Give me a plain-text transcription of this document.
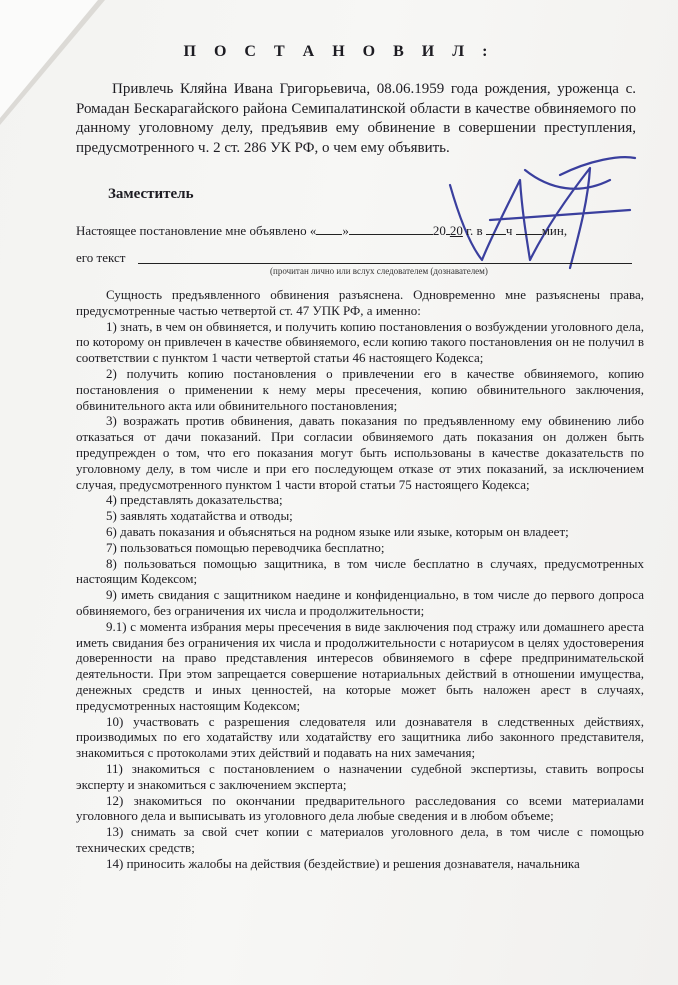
П О С Т А Н О В И Л :

Привлечь Кляйна Ивана Григорьевича, 08.06.1959 года рождения, уроженца с. Ромадан Бескарагайского района Семипалатинской области в качестве обвиняемого по данному уголовному делу, предъявив ему обвинение в совершении преступления, предусмотренного ч. 2 ст. 286 УК РФ, о чем ему объявить.

Заместитель
Настоящее постановление мне объявлено « »	20 20 г. в ч мин,
его текст
(прочитан лично или вслух следователем (дознавателем)

Сущность предъявленного обвинения разъяснена. Одновременно мне разъяснены права, предусмотренные частью четвертой ст. 47 УПК РФ, а именно:

1) знать, в чем он обвиняется, и получить копию постановления о возбуждении уголовного дела, по которому он привлечен в качестве обвиняемого, если копию такого постановления он не получил в соответствии с пунктом 1 части четвертой статьи 46 настоящего Кодекса;

2) получить копию постановления о привлечении его в качестве обвиняемого, копию постановления о применении к нему меры пресечения, копию обвинительного заключения, обвинительного акта или обвинительного постановления;

3) возражать против обвинения, давать показания по предъявленному ему обвинению либо отказаться от дачи показаний. При согласии обвиняемого дать показания он должен быть предупрежден о том, что его показания могут быть использованы в качестве доказательств по уголовному делу, в том числе и при его последующем отказе от этих показаний, за исключением случая, предусмотренного пунктом 1 части второй статьи 75 настоящего Кодекса;

4) представлять доказательства;

5) заявлять ходатайства и отводы;

6) давать показания и объясняться на родном языке или языке, которым он владеет;

7) пользоваться помощью переводчика бесплатно;

8) пользоваться помощью защитника, в том числе бесплатно в случаях, предусмотренных настоящим Кодексом;

9) иметь свидания с защитником наедине и конфиденциально, в том числе до первого допроса обвиняемого, без ограничения их числа и продолжительности;

9.1) с момента избрания меры пресечения в виде заключения под стражу или домашнего ареста иметь свидания без ограничения их числа и продолжительности с нотариусом в целях удостоверения доверенности на право представления интересов обвиняемого в сфере предпринимательской деятельности. При этом запрещается совершение нотариальных действий в отношении имущества, денежных средств и иных ценностей, на которые может быть наложен арест в случаях, предусмотренных настоящим Кодексом;

10) участвовать с разрешения следователя или дознавателя в следственных действиях, производимых по его ходатайству или ходатайству его защитника либо законного представителя, знакомиться с протоколами этих действий и подавать на них замечания;

11) знакомиться с постановлением о назначении судебной экспертизы, ставить вопросы эксперту и знакомиться с заключением эксперта;

12) знакомиться по окончании предварительного расследования со всеми материалами уголовного дела и выписывать из уголовного дела любые сведения и в любом объеме;

13) снимать за свой счет копии с материалов уголовного дела, в том числе с помощью технических средств;

14) приносить жалобы на действия (бездействие) и решения дознавателя, начальника
